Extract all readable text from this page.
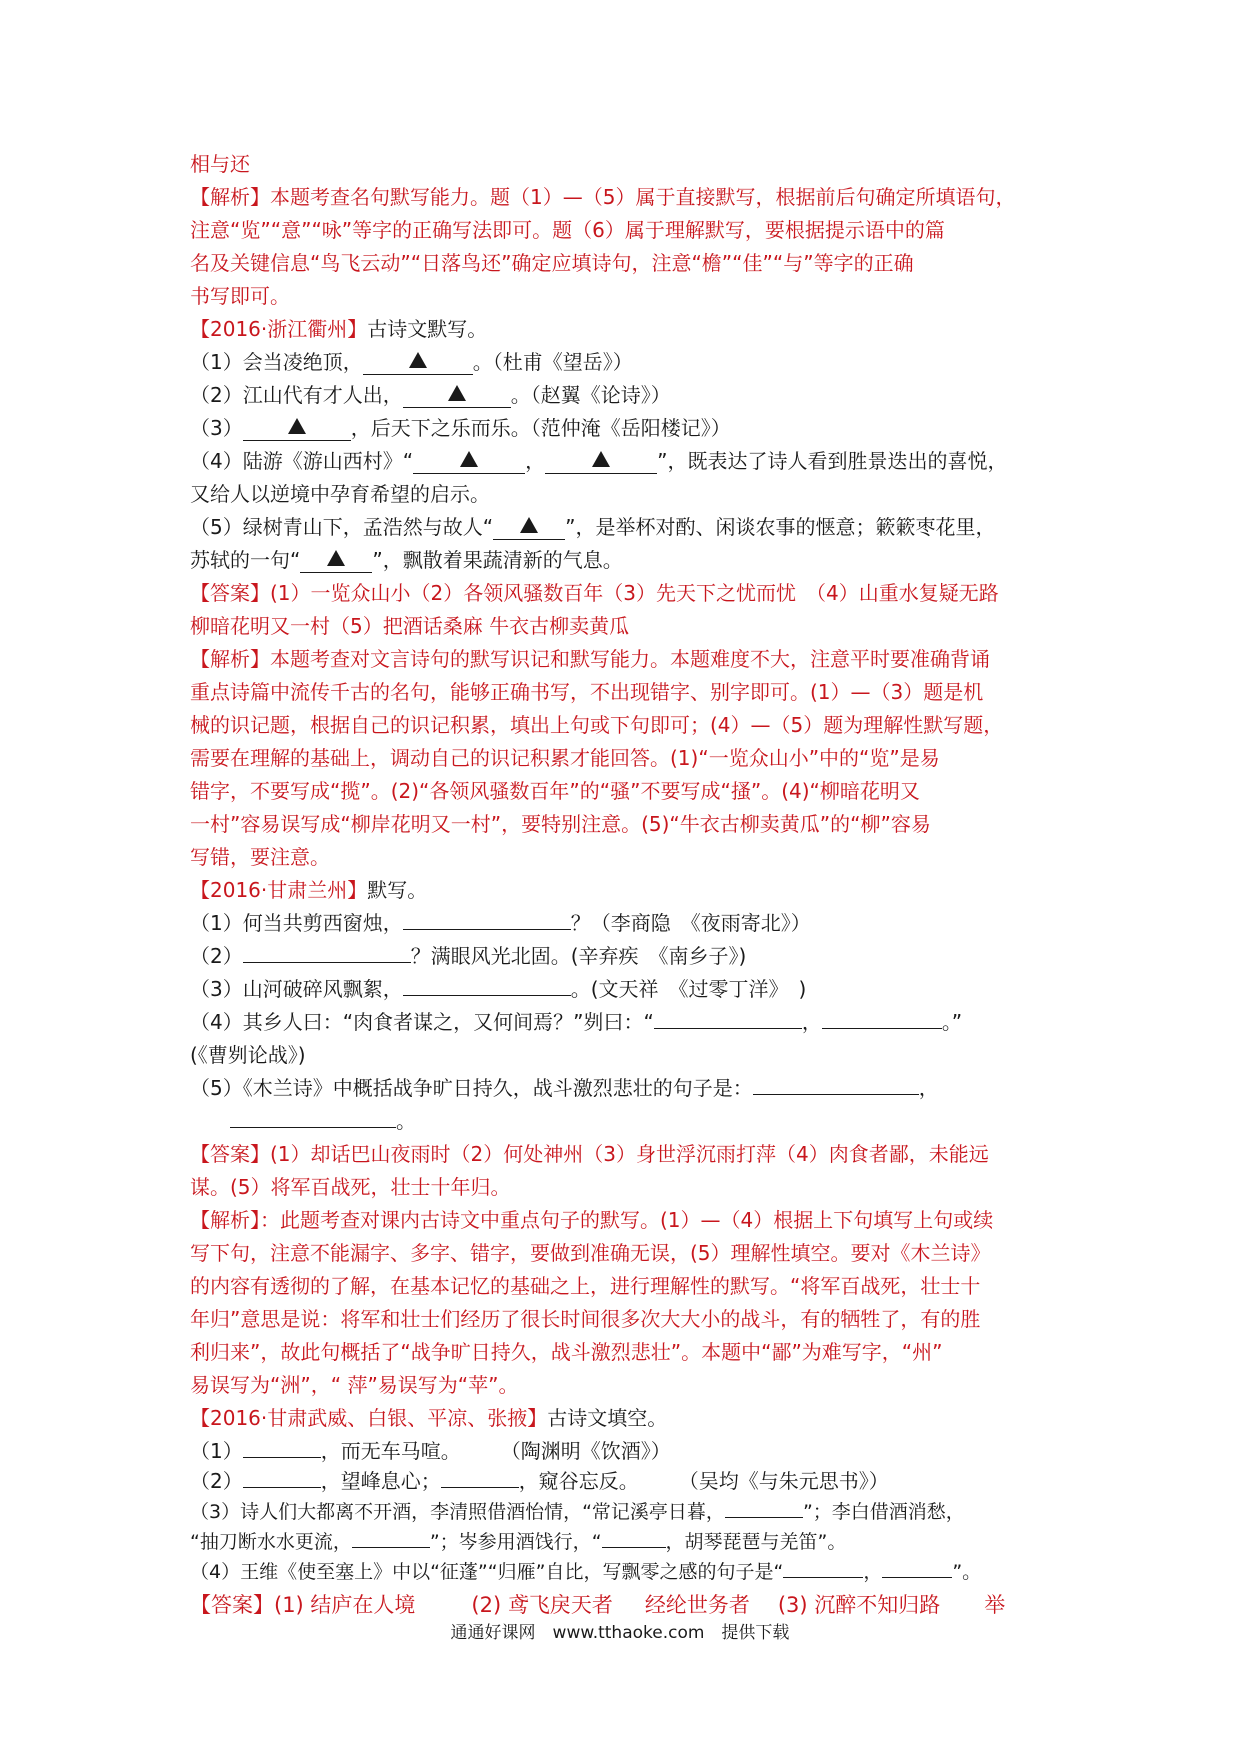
相与还
【解析】本题考查名句默写能力。题（1）—（5）属于直接默写，根据前后句确定所填语句，
注意“览”“意”“咏”等字的正确写法即可。题（6）属于理解默写，要根据提示语中的篇
名及关键信息“鸟飞云动”“日落鸟还”确定应填诗句，注意“檐”“佳”“与”等字的正确
书写即可。
【2016·浙江衢州】古诗文默写。
（1）会当凌绝顶，	。（杜甫《望岳》）
（2）江山代有才人出，	。（赵翼《论诗》）
（3）	，后天下之乐而乐。（范仲淹《岳阳楼记》）
（4）陆游《游山西村》“	，	”，既表达了诗人看到胜景迭出的喜悦，
又给人以逆境中孕育希望的启示。
（5）绿树青山下，孟浩然与故人“	”，是举杯对酌、闲谈农事的惬意；簌簌枣花里，
苏轼的一句“	”，飘散着果蔬清新的气息。
【答案】(1）一览众山小（2）各领风骚数百年（3）先天下之忧而忧　（4）山重水复疑无路
柳暗花明又一村（5）把酒话桑麻 牛衣古柳卖黄瓜
【解析】本题考查对文言诗句的默写识记和默写能力。本题难度不大，注意平时要准确背诵
重点诗篇中流传千古的名句，能够正确书写，不出现错字、别字即可。(1）—（3）题是机
械的识记题，根据自己的识记积累，填出上句或下句即可；(4）—（5）题为理解性默写题，
需要在理解的基础上，调动自己的识记积累才能回答。(1)“一览众山小”中的“览”是易
错字，不要写成“揽”。(2)“各领风骚数百年”的“骚”不要写成“搔”。(4)“柳暗花明又
一村”容易误写成“柳岸花明又一村”，要特别注意。(5)“牛衣古柳卖黄瓜”的“柳”容易
写错，要注意。
【2016·甘肃兰州】默写。
（1）何当共剪西窗烛，	？（李商隐　《夜雨寄北》）
（2）	？满眼风光北固。(辛弃疾　《南乡子》)
（3）山河破碎风飘絮，	。(文天祥　《过零丁洋》　)
（4）其乡人曰：“肉食者谋之，又何间焉？”刿曰：“	，	。”
(《曹刿论战》)
（5）《木兰诗》中概括战争旷日持久，战斗激烈悲壮的句子是：	，
。
【答案】(1）却话巴山夜雨时（2）何处神州（3）身世浮沉雨打萍（4）肉食者鄙，未能远
谋。(5）将军百战死，壮士十年归。
【解析】：此题考查对课内古诗文中重点句子的默写。(1）—（4）根据上下句填写上句或续
写下句，注意不能漏字、多字、错字，要做到准确无误，(5）理解性填空。要对《木兰诗》
的内容有透彻的了解，在基本记忆的基础之上，进行理解性的默写。“将军百战死，壮士十
年归”意思是说：将军和壮士们经历了很长时间很多次大大小的战斗，有的牺牲了，有的胜
利归来”，故此句概括了“战争旷日持久，战斗激烈悲壮”。本题中“鄙”为难写字，“州”
易误写为“洲”，“ 萍”易误写为“苹”。
【2016·甘肃武威、白银、平凉、张掖】古诗文填空。
（1）	，而无车马喧。　　　（陶渊明《饮酒》）
（2）	，望峰息心；	，窥谷忘反。　　　（吴均《与朱元思书》）
（3）诗人们大都离不开酒，李清照借酒怡情，“常记溪亭日暮，	”；李白借酒消愁，
“抽刀断水水更流，	”；岑参用酒饯行，“	，胡琴琵琶与羌笛”。
（4）王维《使至塞上》中以“征蓬”“归雁”自比，写飘零之感的句子是“	，	”。
【答案】(1) 结庐在人境	(2) 鸢飞戾天者 经纶世务者 (3) 沉醉不知归路 举
通通好课网　www.tthaoke.com　提供下载
